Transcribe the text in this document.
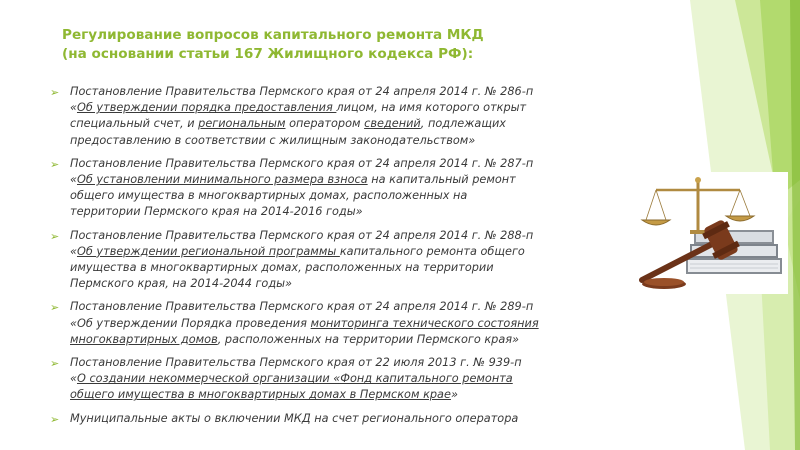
Регулирование вопросов капитального ремонта МКД
(на основании статьи 167 Жилищного кодекса РФ):
➢ Постановление Правительства Пермского края от 24 апреля 2014 г. № 286-п
«Об утверждении порядка предоставления лицом, на имя которого открыт
специальный счет, и региональным оператором сведений, подлежащих
предоставлению в соответствии с жилищным законодательством»
➢ Постановление Правительства Пермского края от 24 апреля 2014 г. № 287-п
«Об установлении минимального размера взноса на капитальный ремонт
общего имущества в многоквартирных домах, расположенных на
территории Пермского края на 2014-2016 годы»
➢ Постановление Правительства Пермского края от 24 апреля 2014 г. № 288-п
«Об утверждении региональной программы капитального ремонта общего
имущества в многоквартирных домах, расположенных на территории
Пермского края, на 2014-2044 годы»
➢ Постановление Правительства Пермского края от 24 апреля 2014 г. № 289-п
«Об утверждении Порядка проведения мониторинга технического состояния
многоквартирных домов, расположенных на территории Пермского края»
➢ Постановление Правительства Пермского края от 22 июля 2013 г. № 939-п
«О создании некоммерческой организации «Фонд капитального ремонта
общего имущества в многоквартирных домах в Пермском крае»
➢ Муниципальные акты о включении МКД на счет регионального оператора
